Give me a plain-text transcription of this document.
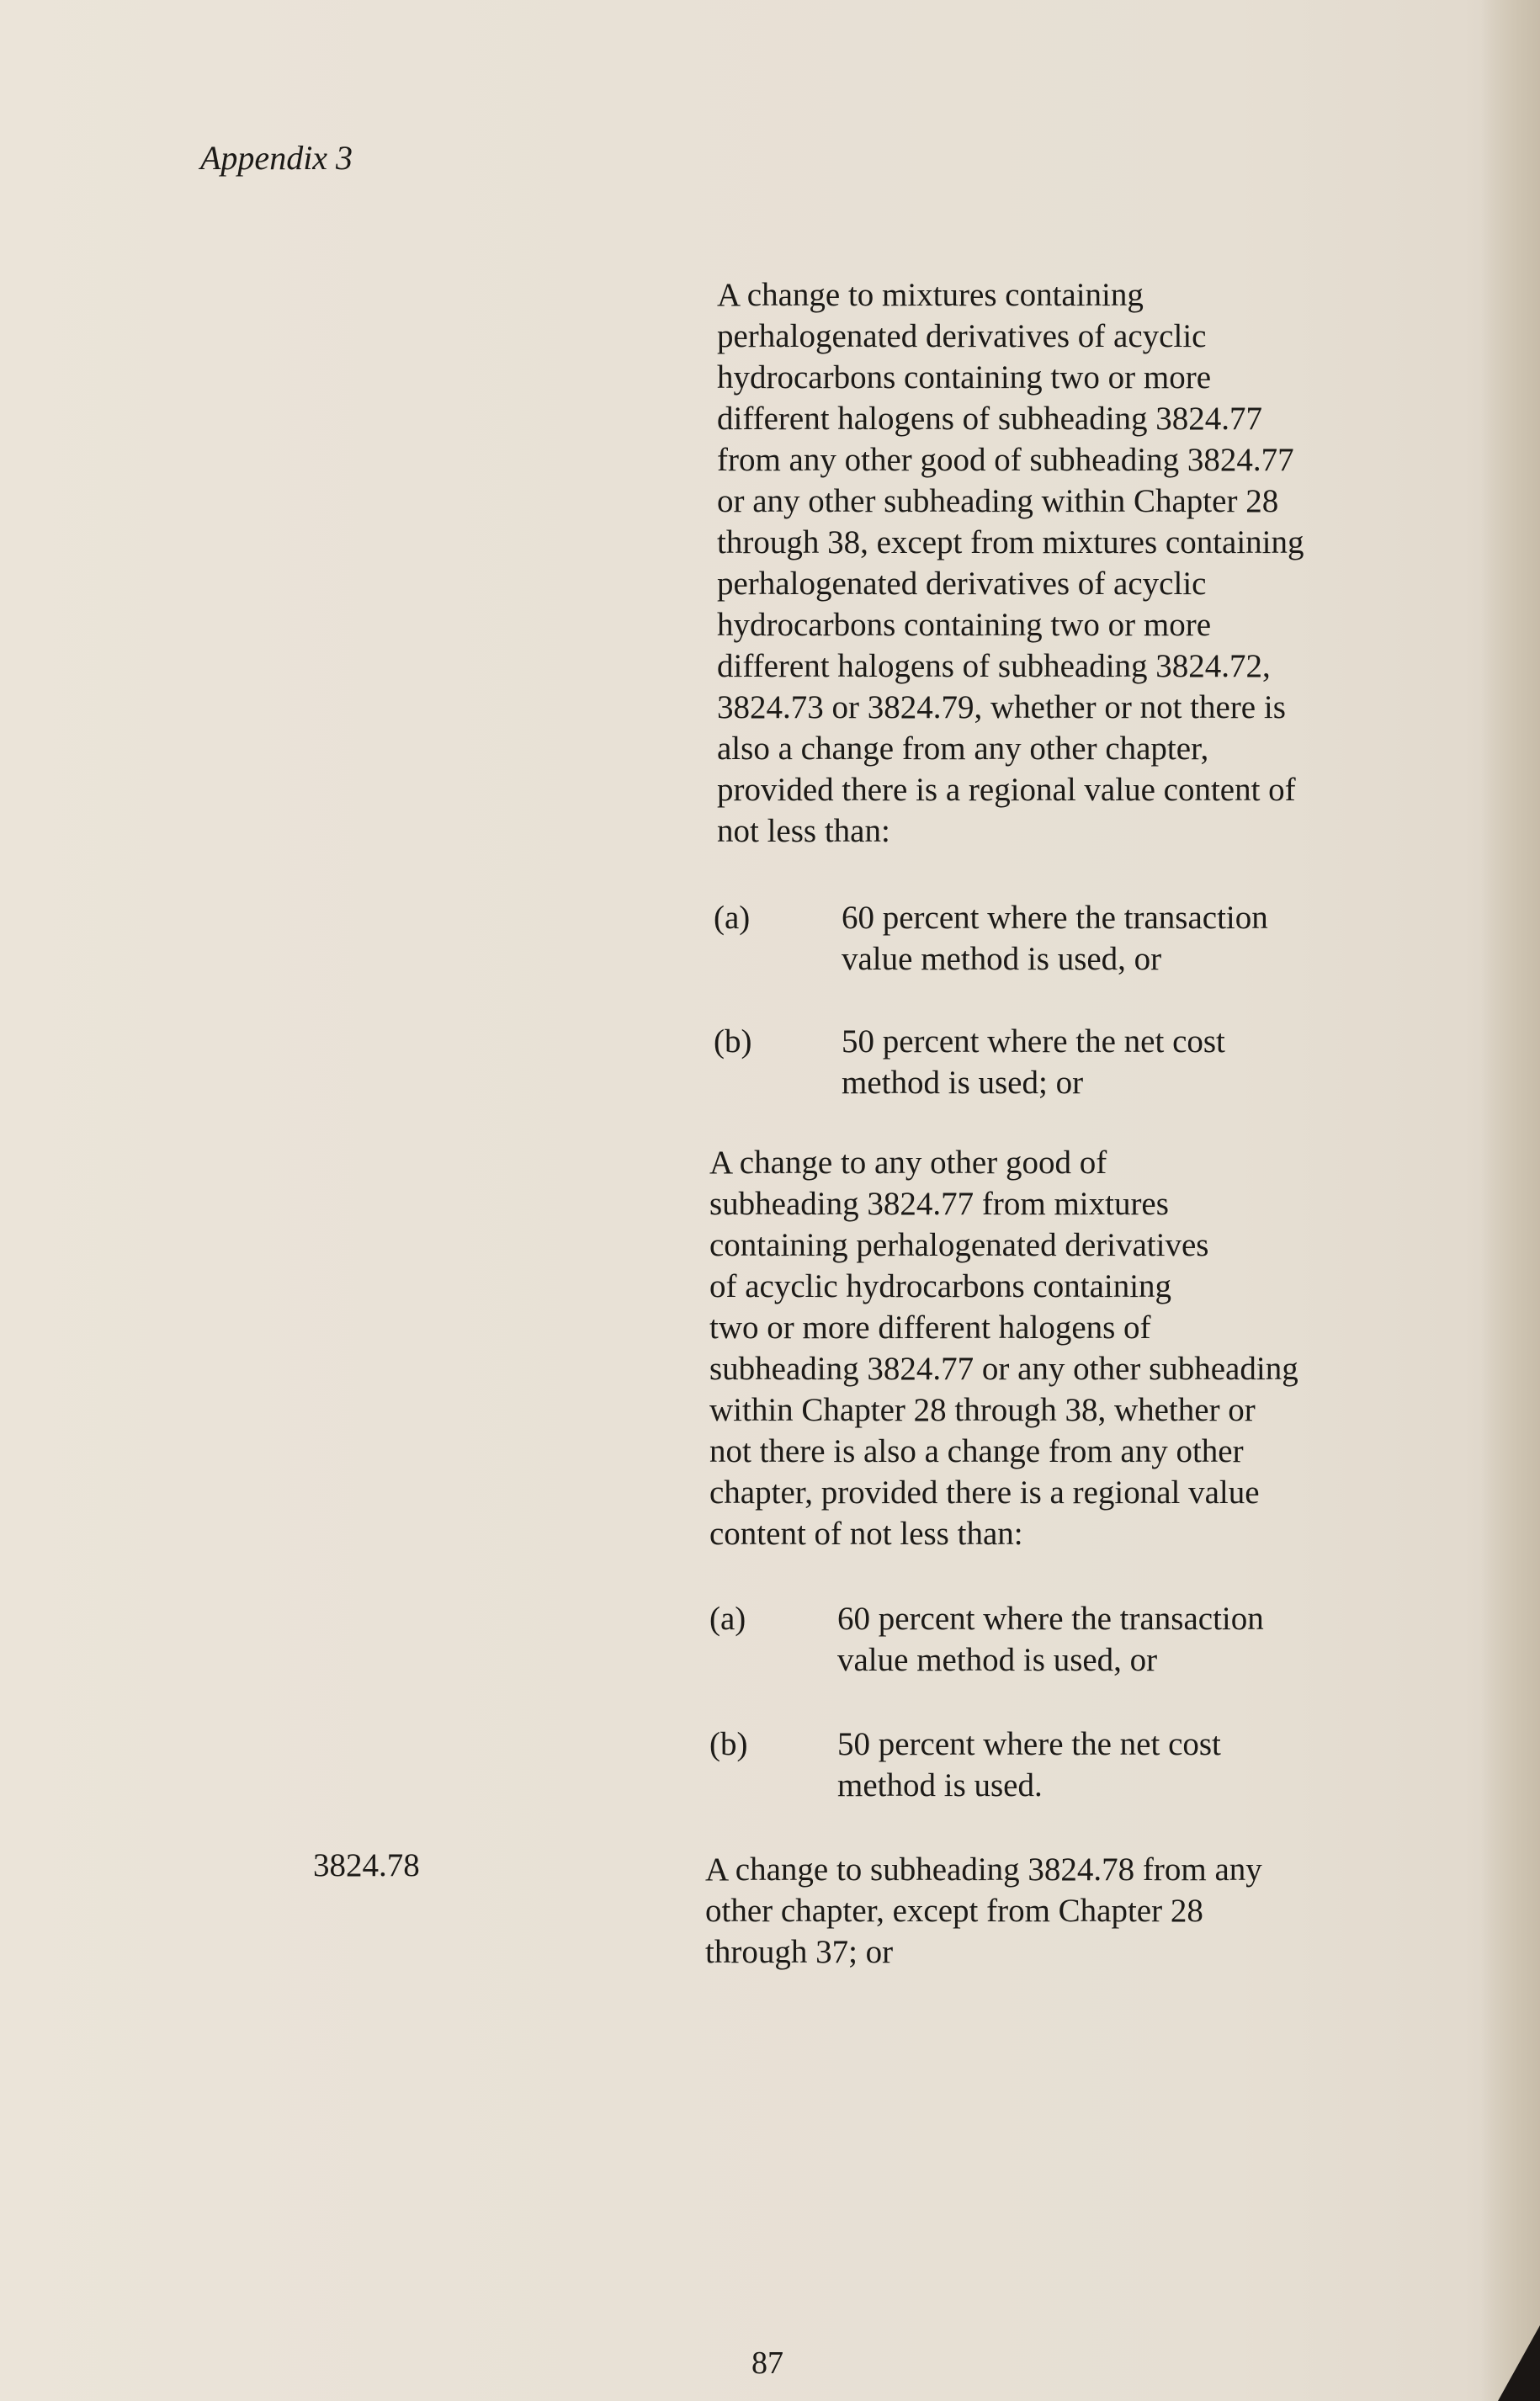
Appendix 3

A change to mixtures containing

perhalogenated derivatives of acyclic

hydrocarbons containing two or more

different halogens of subheading 3824.77

from any other good of subheading 3824.77

or any other subheading within Chapter 28

through 38, except from mixtures containing

perhalogenated derivatives of acyclic

hydrocarbons containing two or more

different halogens of subheading 3824.72,

3824.73 or 3824.79, whether or not there is

also a change from any other chapter,

provided there is a regional value content of

not less than:

(a)	60 percent where the transaction
value method is used, or
(b)	50 percent where the net cost
method is used; or

A change to any other good of

subheading 3824.77 from mixtures

containing perhalogenated derivatives

of acyclic hydrocarbons containing

two or more different halogens of

subheading 3824.77 or any other subheading

within Chapter 28 through 38, whether or

not there is also a change from any other

chapter, provided there is a regional value

content of not less than:

(a)	60 percent where the transaction
value method is used, or
(b)	50 percent where the net cost
method is used.
3824.78	A change to subheading 3824.78 from any

other chapter, except from Chapter 28

through 37; or

87
